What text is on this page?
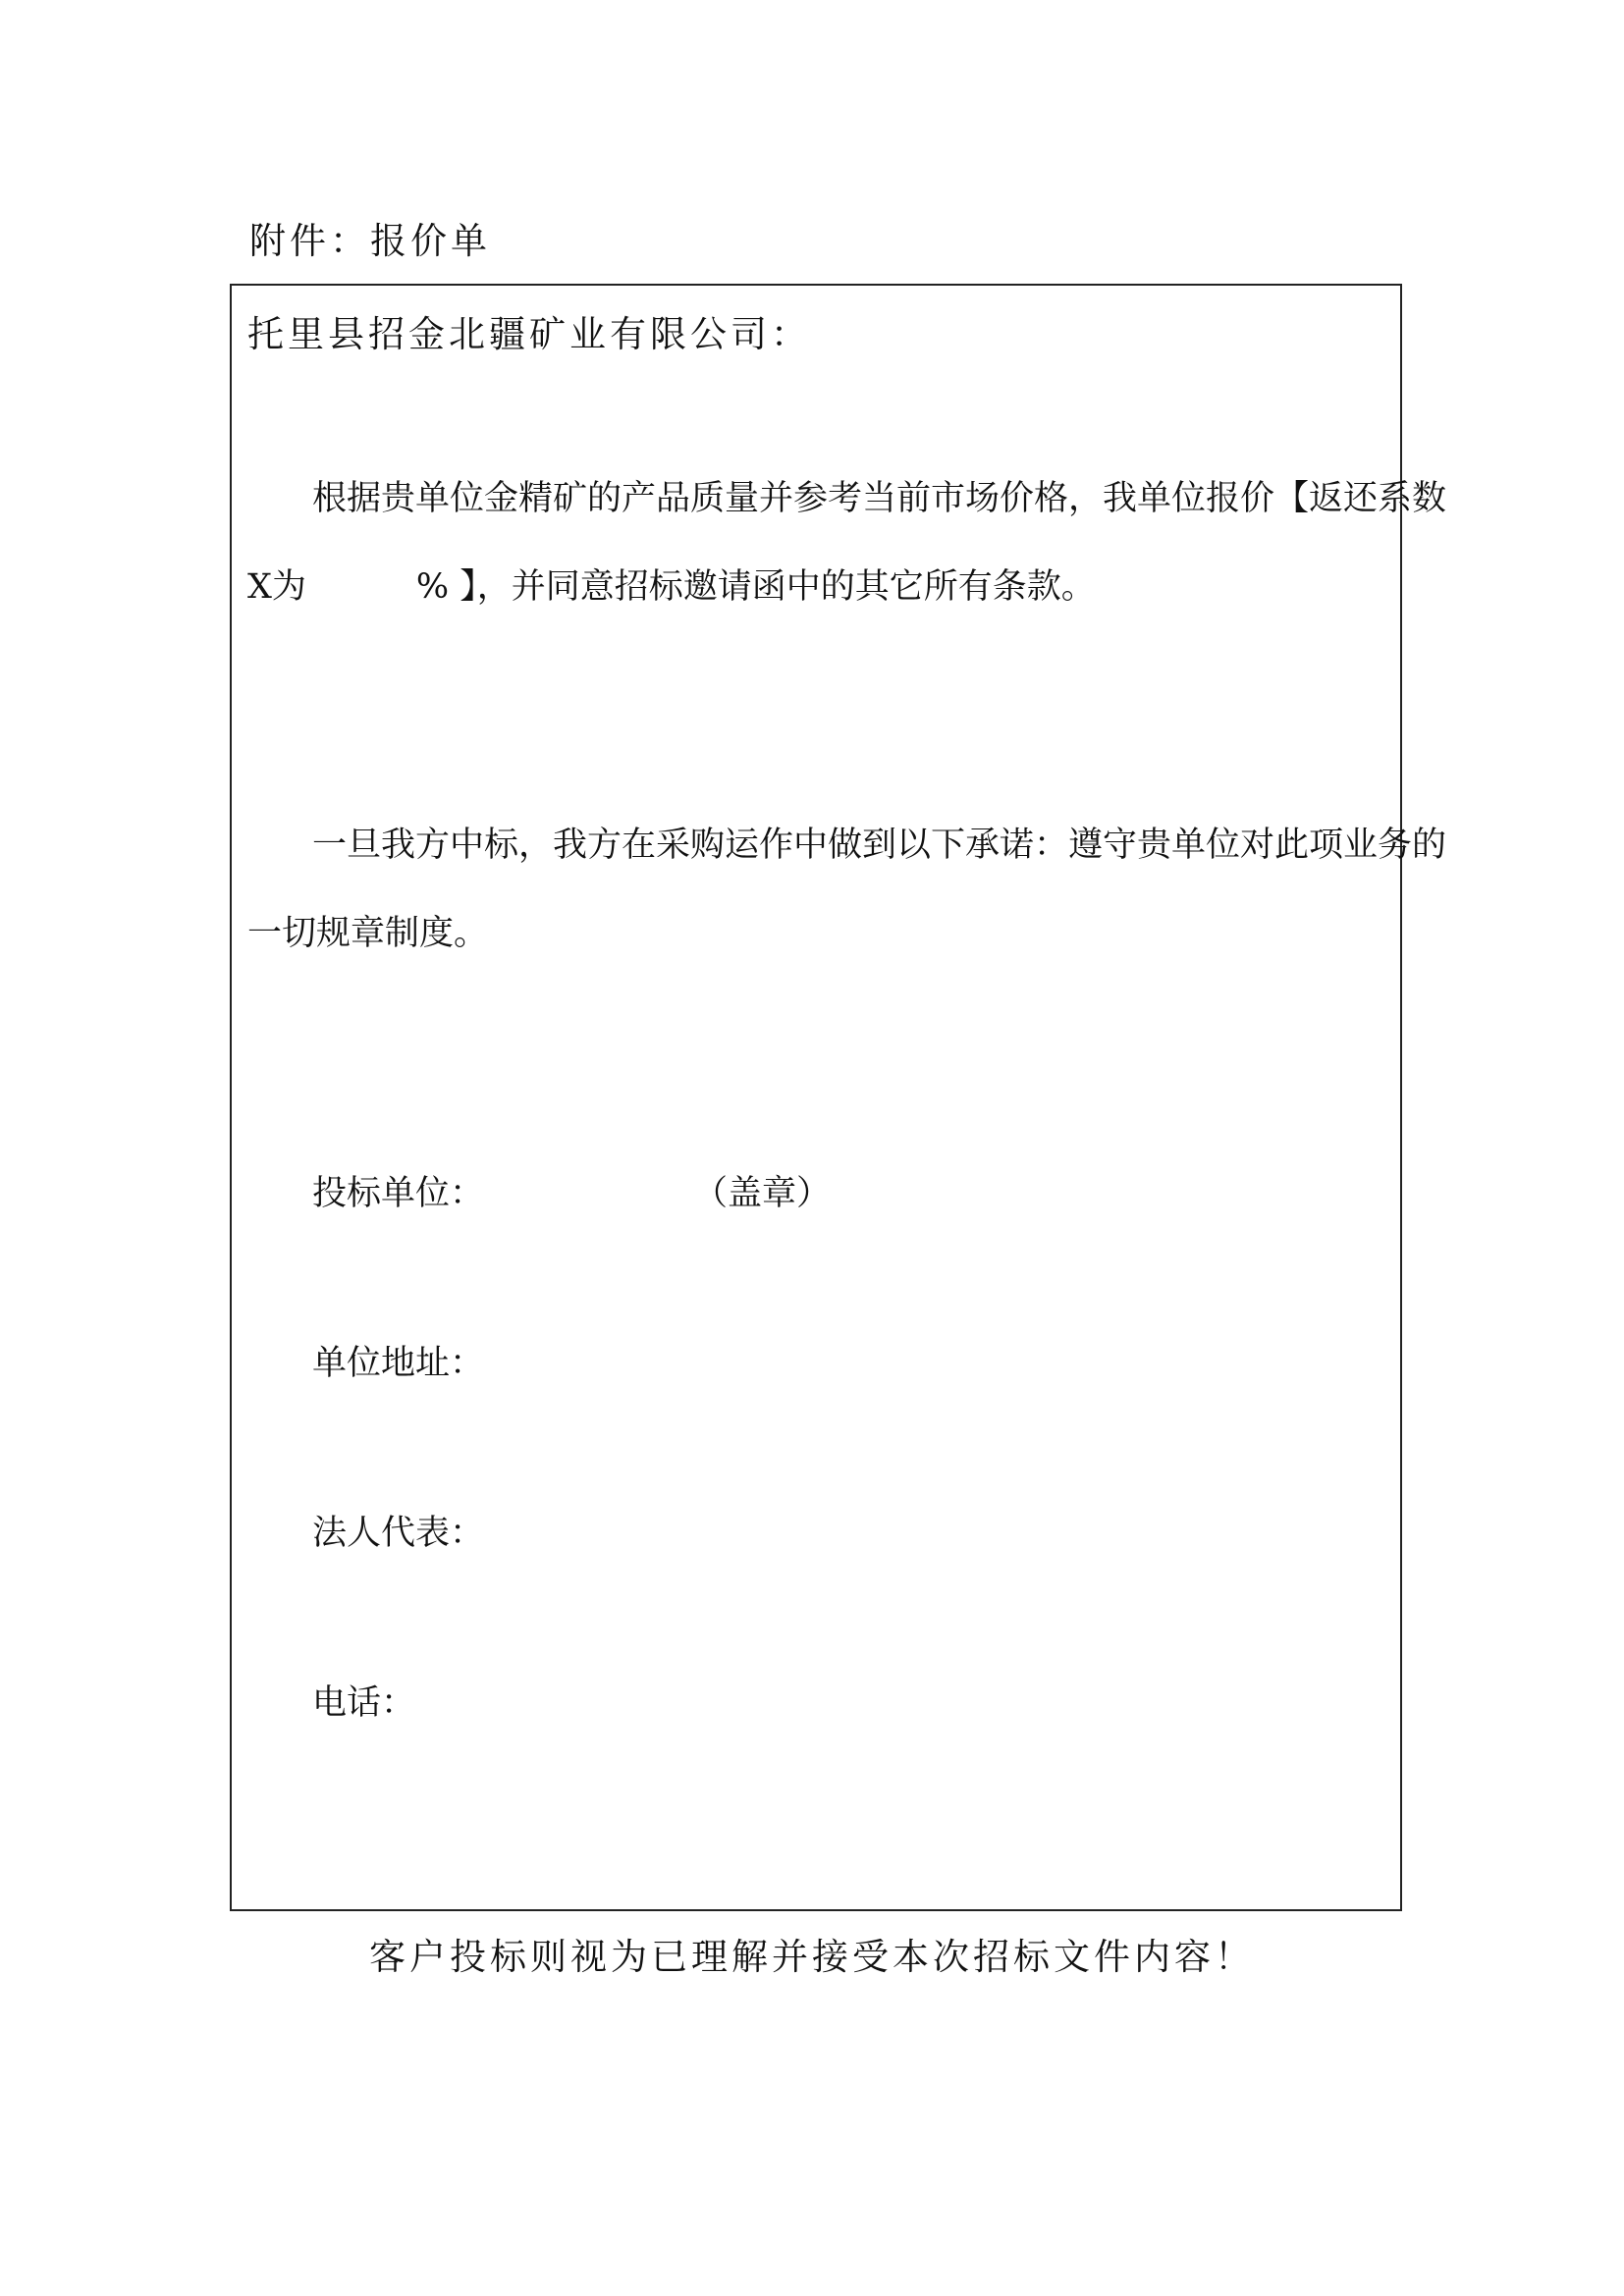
附件：报价单
托里县招金北疆矿业有限公司：
根据贵单位金精矿的产品质量并参考当前市场价格，我单位报价【返还系数
X为	% 】，并同意招标邀请函中的其它所有条款。
一旦我方中标，我方在采购运作中做到以下承诺：遵守贵单位对此项业务的
一切规章制度。
投标单位：	（盖章）
单位地址：
法人代表：
电话：
客户投标则视为已理解并接受本次招标文件内容！
